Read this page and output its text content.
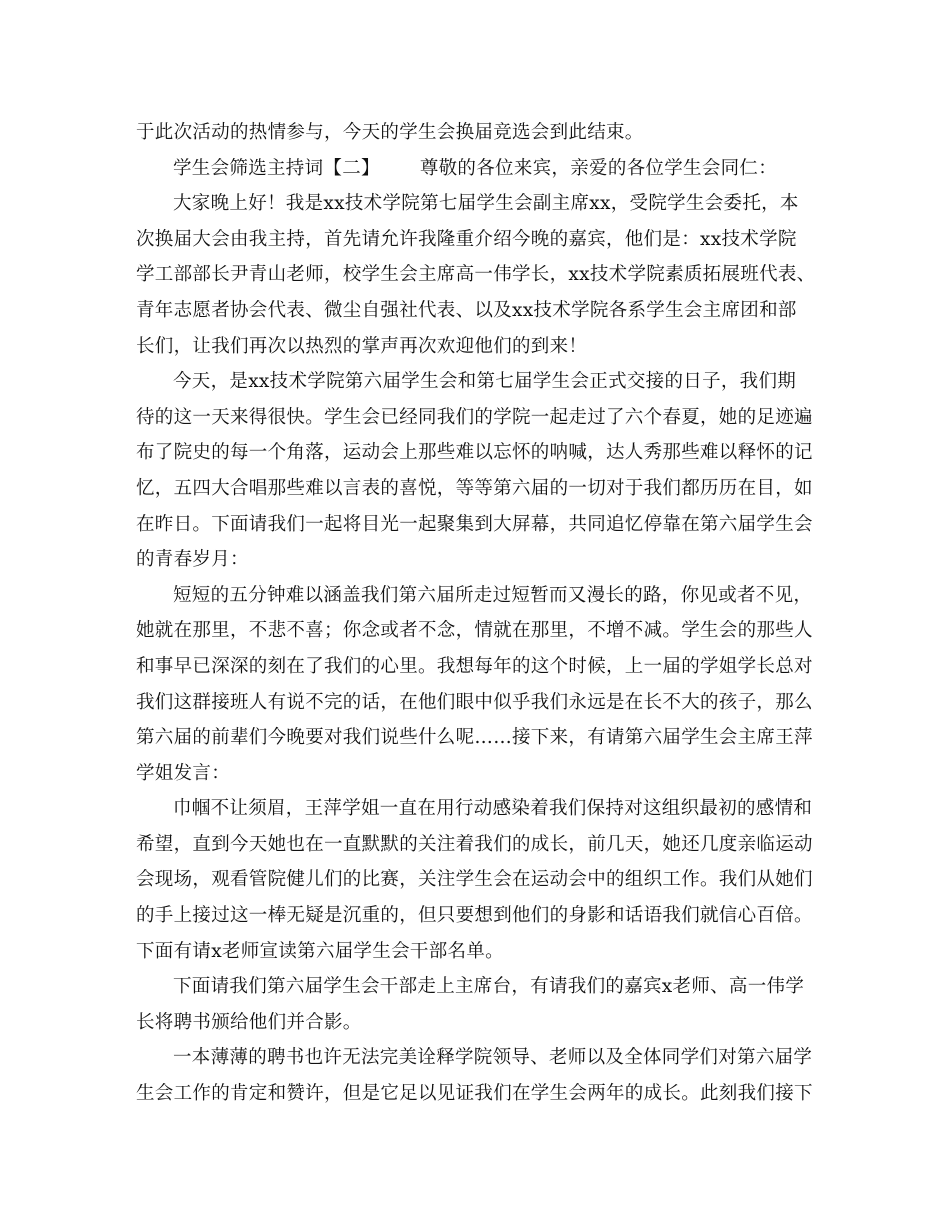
于此次活动的热情参与，今天的学生会换届竞选会到此结束。

学生会筛选主持词【二】 尊敬的各位来宾，亲爱的各位学生会同仁：

大家晚上好！我是xx技术学院第七届学生会副主席xx，受院学生会委托，本
次换届大会由我主持，首先请允许我隆重介绍今晚的嘉宾，他们是：xx技术学院
学工部部长尹青山老师，校学生会主席高一伟学长，xx技术学院素质拓展班代表、
青年志愿者协会代表、微尘自强社代表、以及xx技术学院各系学生会主席团和部
长们，让我们再次以热烈的掌声再次欢迎他们的到来！

今天，是xx技术学院第六届学生会和第七届学生会正式交接的日子，我们期
待的这一天来得很快。学生会已经同我们的学院一起走过了六个春夏，她的足迹遍
布了院史的每一个角落，运动会上那些难以忘怀的呐喊，达人秀那些难以释怀的记
忆，五四大合唱那些难以言表的喜悦，等等第六届的一切对于我们都历历在目，如
在昨日。下面请我们一起将目光一起聚集到大屏幕，共同追忆停靠在第六届学生会
的青春岁月：

短短的五分钟难以涵盖我们第六届所走过短暂而又漫长的路，你见或者不见，
她就在那里，不悲不喜；你念或者不念，情就在那里，不增不减。学生会的那些人
和事早已深深的刻在了我们的心里。我想每年的这个时候，上一届的学姐学长总对
我们这群接班人有说不完的话，在他们眼中似乎我们永远是在长不大的孩子，那么
第六届的前辈们今晚要对我们说些什么呢……接下来，有请第六届学生会主席王萍
学姐发言：

巾帼不让须眉，王萍学姐一直在用行动感染着我们保持对这组织最初的感情和
希望，直到今天她也在一直默默的关注着我们的成长，前几天，她还几度亲临运动
会现场，观看管院健儿们的比赛，关注学生会在运动会中的组织工作。我们从她们
的手上接过这一棒无疑是沉重的，但只要想到他们的身影和话语我们就信心百倍。
下面有请x老师宣读第六届学生会干部名单。

下面请我们第六届学生会干部走上主席台，有请我们的嘉宾x老师、高一伟学
长将聘书颁给他们并合影。

一本薄薄的聘书也许无法完美诠释学院领导、老师以及全体同学们对第六届学
生会工作的肯定和赞许，但是它足以见证我们在学生会两年的成长。此刻我们接下
